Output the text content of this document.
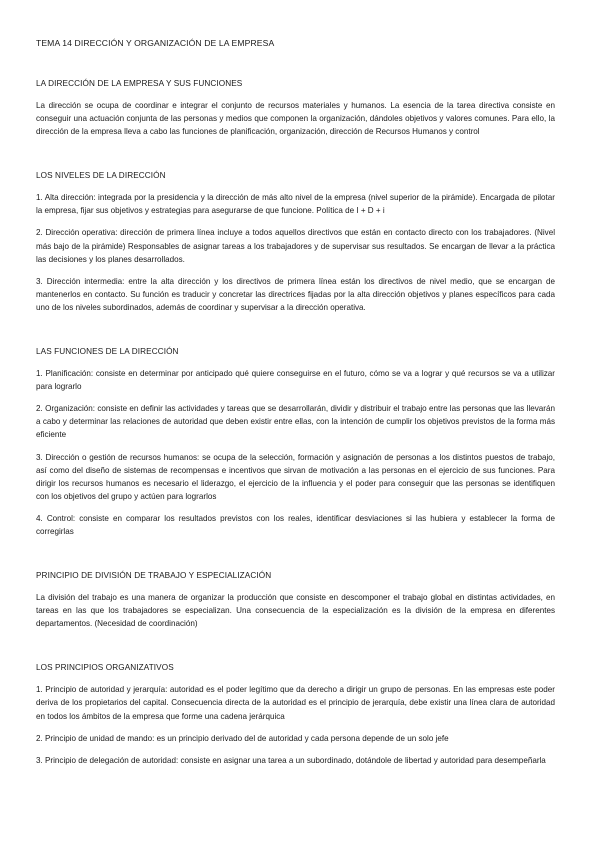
TEMA 14 DIRECCIÓN Y ORGANIZACIÓN DE LA EMPRESA
LA DIRECCIÓN DE LA EMPRESA Y SUS FUNCIONES

La dirección se ocupa de coordinar e integrar el conjunto de recursos materiales y humanos. La esencia de la tarea directiva consiste en conseguir una actuación conjunta de las personas y medios que componen la organización, dándoles objetivos y valores comunes. Para ello, la dirección de la empresa lleva a cabo las funciones de planificación, organización, dirección de Recursos Humanos y control

LOS NIVELES DE LA DIRECCIÓN

1. Alta dirección: integrada por la presidencia y la dirección de más alto nivel de la empresa (nivel superior de la pirámide). Encargada de pilotar la empresa, fijar sus objetivos y estrategias para asegurarse de que funcione. Política de I + D + i

2. Dirección operativa: dirección de primera línea incluye a todos aquellos directivos que están en contacto directo con los trabajadores. (Nivel más bajo de la pirámide) Responsables de asignar tareas a los trabajadores y de supervisar sus resultados. Se encargan de llevar a la práctica las decisiones y los planes desarrollados.

3. Dirección intermedia: entre la alta dirección y los directivos de primera línea están los directivos de nivel medio, que se encargan de mantenerlos en contacto. Su función es traducir y concretar las directrices fijadas por la alta dirección objetivos y planes específicos para cada uno de los niveles subordinados, además de coordinar y supervisar a la dirección operativa.

LAS FUNCIONES DE LA DIRECCIÓN

1. Planificación: consiste en determinar por anticipado qué quiere conseguirse en el futuro, cómo se va a lograr y qué recursos se va a utilizar para lograrlo

2. Organización: consiste en definir las actividades y tareas que se desarrollarán, dividir y distribuir el trabajo entre las personas que las llevarán a cabo y determinar las relaciones de autoridad que deben existir entre ellas, con la intención de cumplir los objetivos previstos de la forma más eficiente

3. Dirección o gestión de recursos humanos: se ocupa de la selección, formación y asignación de personas a los distintos puestos de trabajo, así como del diseño de sistemas de recompensas e incentivos que sirvan de motivación a las personas en el ejercicio de sus funciones. Para dirigir los recursos humanos es necesario el liderazgo, el ejercicio de la influencia y el poder para conseguir que las personas se identifiquen con los objetivos del grupo y actúen para lograrlos

4. Control: consiste en comparar los resultados previstos con los reales, identificar desviaciones si las hubiera y establecer la forma de corregirlas

PRINCIPIO DE DIVISIÓN DE TRABAJO Y ESPECIALIZACIÓN

La división del trabajo es una manera de organizar la producción que consiste en descomponer el trabajo global en distintas actividades, en tareas en las que los trabajadores se especializan. Una consecuencia de la especialización es la división de la empresa en diferentes departamentos. (Necesidad de coordinación)

LOS PRINCIPIOS ORGANIZATIVOS

1. Principio de autoridad y jerarquía: autoridad es el poder legítimo que da derecho a dirigir un grupo de personas. En las empresas este poder deriva de los propietarios del capital. Consecuencia directa de la autoridad es el principio de jerarquía, debe existir una línea clara de autoridad en todos los ámbitos de la empresa que forme una cadena jerárquica

2. Principio de unidad de mando: es un principio derivado del de autoridad y cada persona depende de un solo jefe

3. Principio de delegación de autoridad: consiste en asignar una tarea a un subordinado, dotándole de libertad y autoridad para desempeñarla
